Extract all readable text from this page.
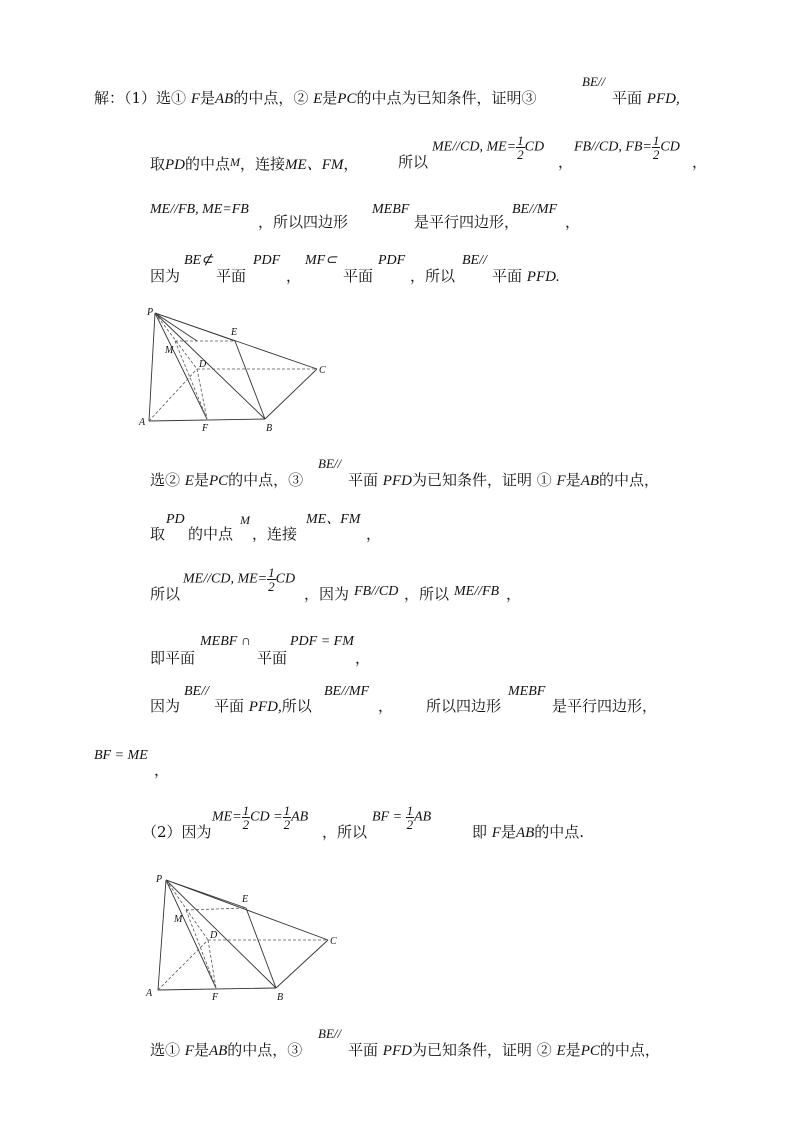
解：（1）选① F是AB的中点，② E是PC的中点为已知条件，证明③
BE//
平面 PFD,
取PD的中点$^M$，连接ME、FM，	所以
ME//CD, $ME= \frac{1}{2}$ CD
，
FB//CD, $FB= \frac{1}{2}$ CD
，
ME//FB, ME=FB
，所以四边形
MEBF
是平行四边形，
BE//MF
，
因为
BE⊄
平面
PDF
，
MF⊂
平面
PDF
，所以
BE//
平面 PFD.
P
E
M
D
C
A
F	B
选② E是PC的中点，③
BE//
平面 PFD为已知条件，证明 ① F是AB的中点，
取
PD
的中点
M
，连接
ME、FM
，
所以
ME//CD, $ME= \frac{1}{2}$ CD
，因为 FB//CD ，所以 ME//FB ，
即平面
MEBF ∩
平面
PDF = FM
，
因为
BE//
平面 PFD,所以
BE//MF
， 所以四边形
MEBF
是平行四边形，
BF = ME
，
（2）因为
$ME= \frac{1}{2}$ CD = $\frac{1}{2}$ AB
，所以
BF = $\frac{1}{2}$ AB
即 F是AB的中点.
P
E
M
D
C
A	F	B
选① F是AB的中点，③
BE//
平面 PFD为已知条件，证明 ② E是PC的中点，
